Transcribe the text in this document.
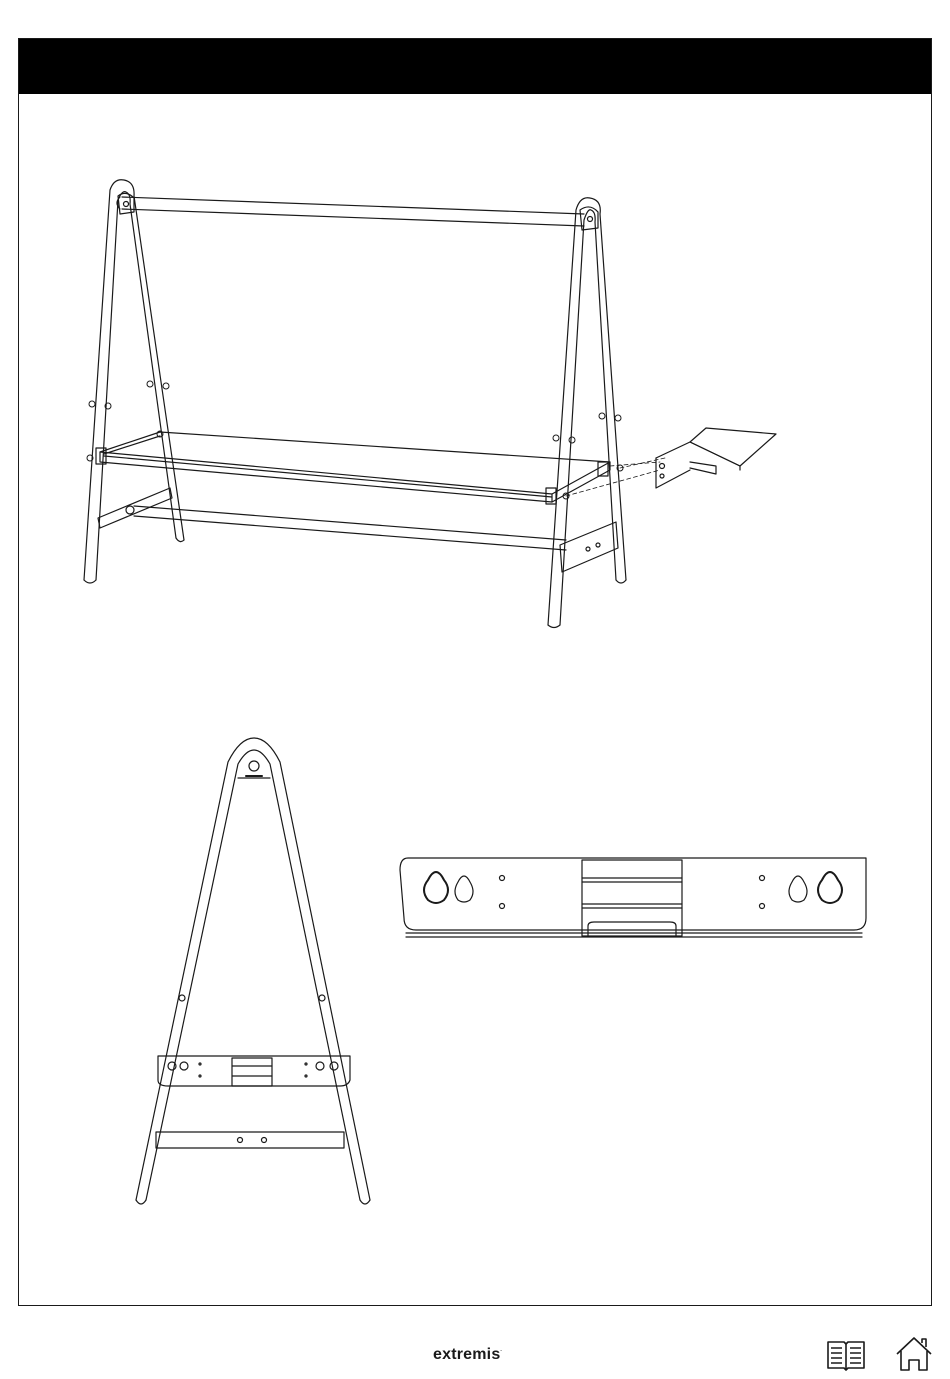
extremis·
